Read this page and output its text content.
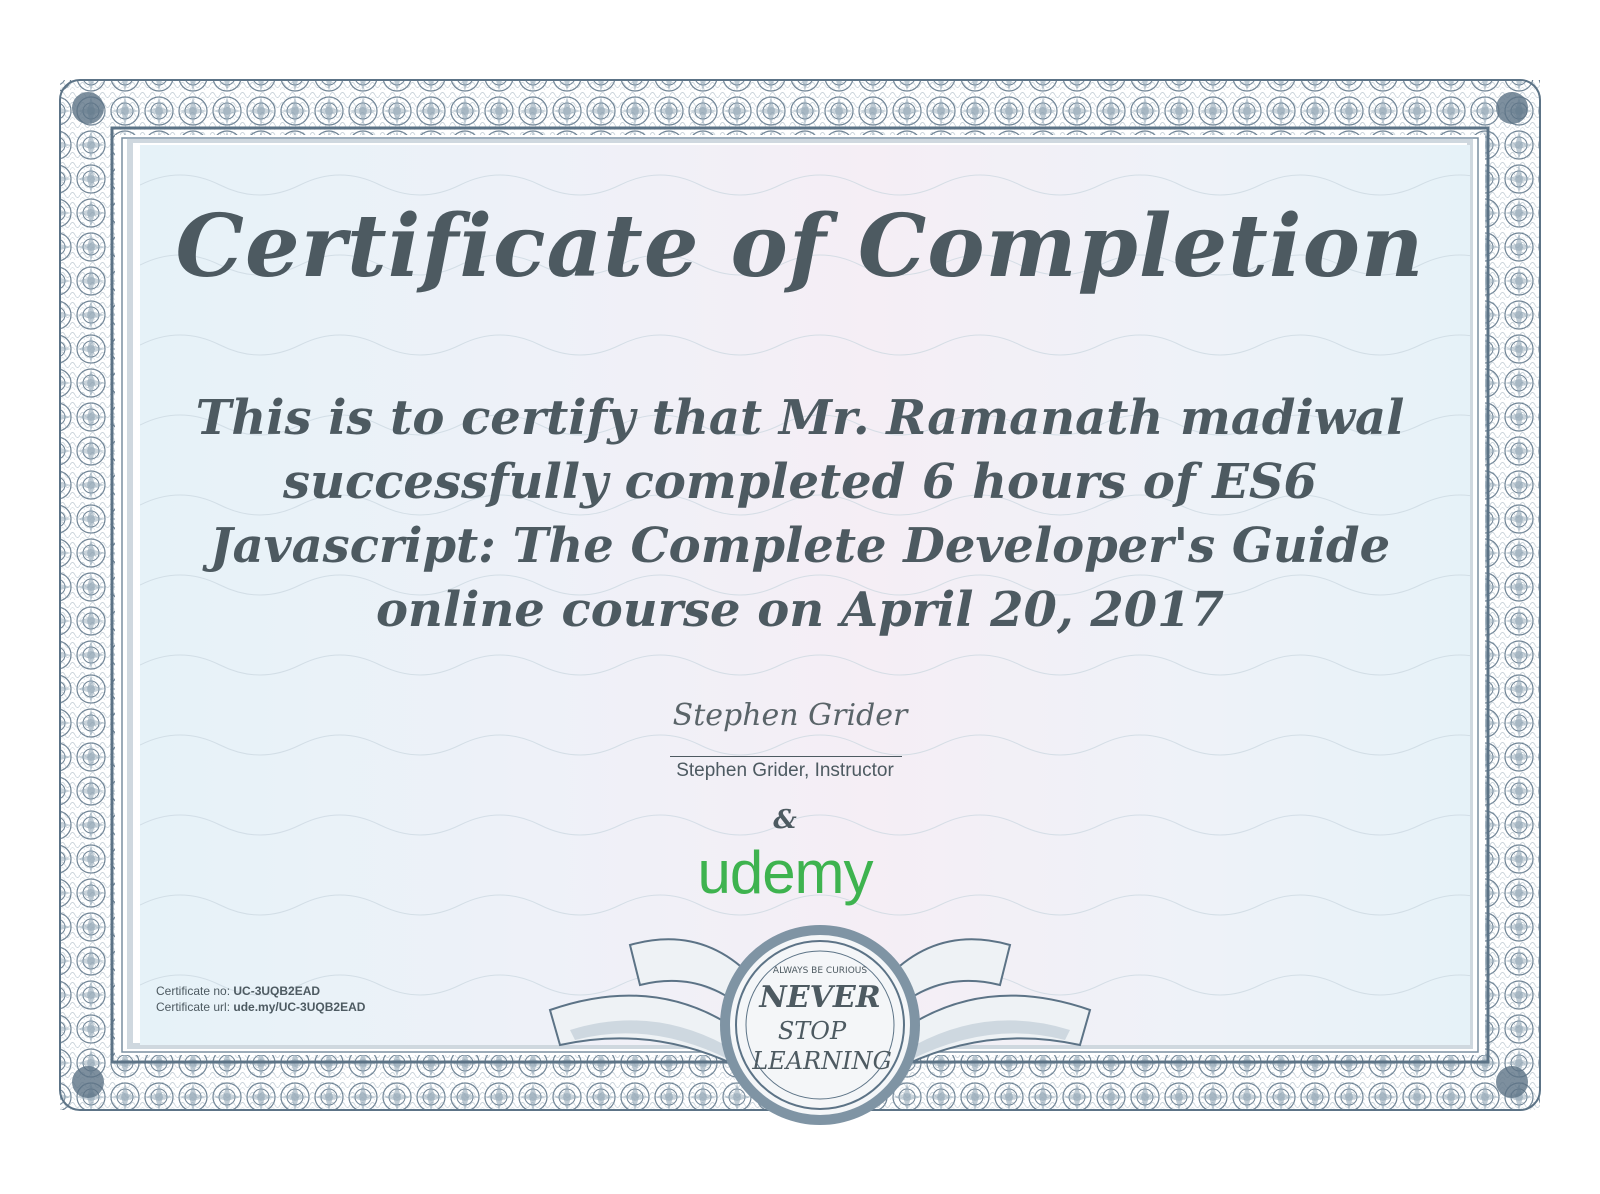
Certificate of Completion
This is to certify that Mr. Ramanath madiwal successfully completed 6 hours of ES6 Javascript: The Complete Developer's Guide online course on April 20, 2017
Stephen Grider
Stephen Grider, Instructor
&
udemy
Certificate no: UC-3UQB2EAD
Certificate url: ude.my/UC-3UQB2EAD
ALWAYS BE CURIOUS
NEVER
STOP
LEARNING
